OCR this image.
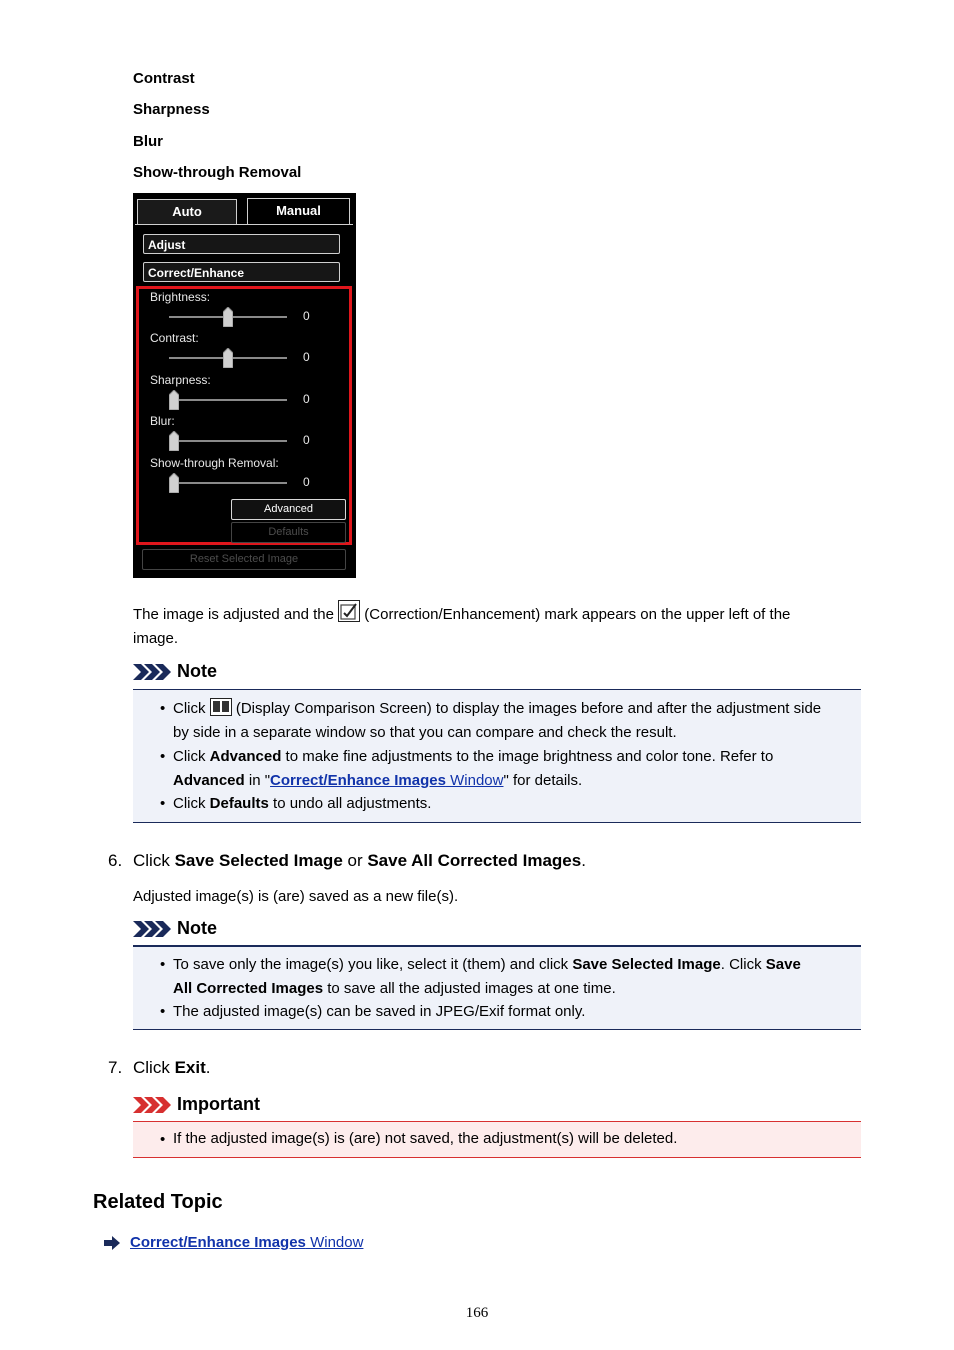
Contrast
Sharpness
Blur
Show-through Removal
Auto	Manual
Adjust
Correct/Enhance
Brightness:
0
Contrast:
0
Sharpness:
0
Blur:
0
Show-through Removal:
0
Advanced
Defaults
Reset Selected Image
The image is adjusted and the  (Correction/Enhancement) mark appears on the upper left of the
image.
Note
• Click  (Display Comparison Screen) to display the images before and after the adjustment side
by side in a separate window so that you can compare and check the result.
• Click Advanced to make fine adjustments to the image brightness and color tone. Refer to
Advanced in "Correct/Enhance Images Window" for details.
• Click Defaults to undo all adjustments.
6. Click Save Selected Image or Save All Corrected Images.
Adjusted image(s) is (are) saved as a new file(s).
Note
• To save only the image(s) you like, select it (them) and click Save Selected Image. Click Save
All Corrected Images to save all the adjusted images at one time.
• The adjusted image(s) can be saved in JPEG/Exif format only.
7. Click Exit.
Important
• If the adjusted image(s) is (are) not saved, the adjustment(s) will be deleted.
Related Topic
Correct/Enhance Images Window
166
